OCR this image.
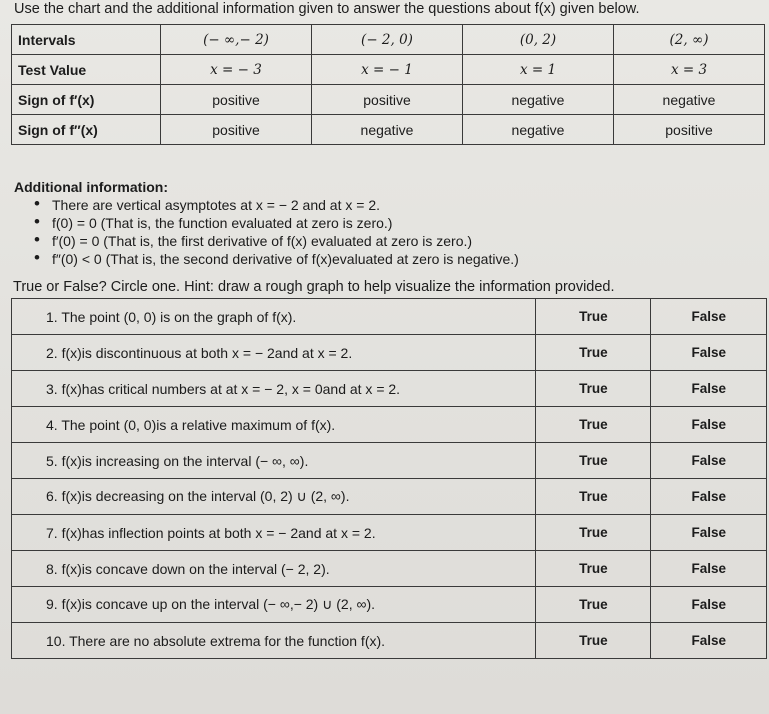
Use the chart and the additional information given to answer the questions about f(x) given below.
Intervals	(− ∞,− 2)	(− 2, 0)	(0, 2)	(2, ∞)
Test Value	x = − 3	x = − 1	x = 1	x = 3
Sign of f′(x)	positive	positive	negative	negative
Sign of f″(x)	positive	negative	negative	positive
Additional information:
• There are vertical asymptotes at x = − 2 and at x = 2.
• f(0) = 0 (That is, the function evaluated at zero is zero.)
• f′(0) = 0 (That is, the first derivative of f(x) evaluated at zero is zero.)
• f″(0) < 0 (That is, the second derivative of f(x)evaluated at zero is negative.)
True or False? Circle one. Hint: draw a rough graph to help visualize the information provided.
1. The point (0, 0) is on the graph of f(x).	True	False
2. f(x)is discontinuous at both x = − 2and at x = 2.	True	False
3. f(x)has critical numbers at at x = − 2, x = 0and at x = 2.	True	False
4. The point (0, 0)is a relative maximum of f(x).	True	False
5. f(x)is increasing on the interval (− ∞, ∞).	True	False
6. f(x)is decreasing on the interval (0, 2) ∪ (2, ∞).	True	False
7. f(x)has inflection points at both x = − 2and at x = 2.	True	False
8. f(x)is concave down on the interval (− 2, 2).	True	False
9. f(x)is concave up on the interval (− ∞,− 2) ∪ (2, ∞).	True	False
10. There are no absolute extrema for the function f(x).	True	False
